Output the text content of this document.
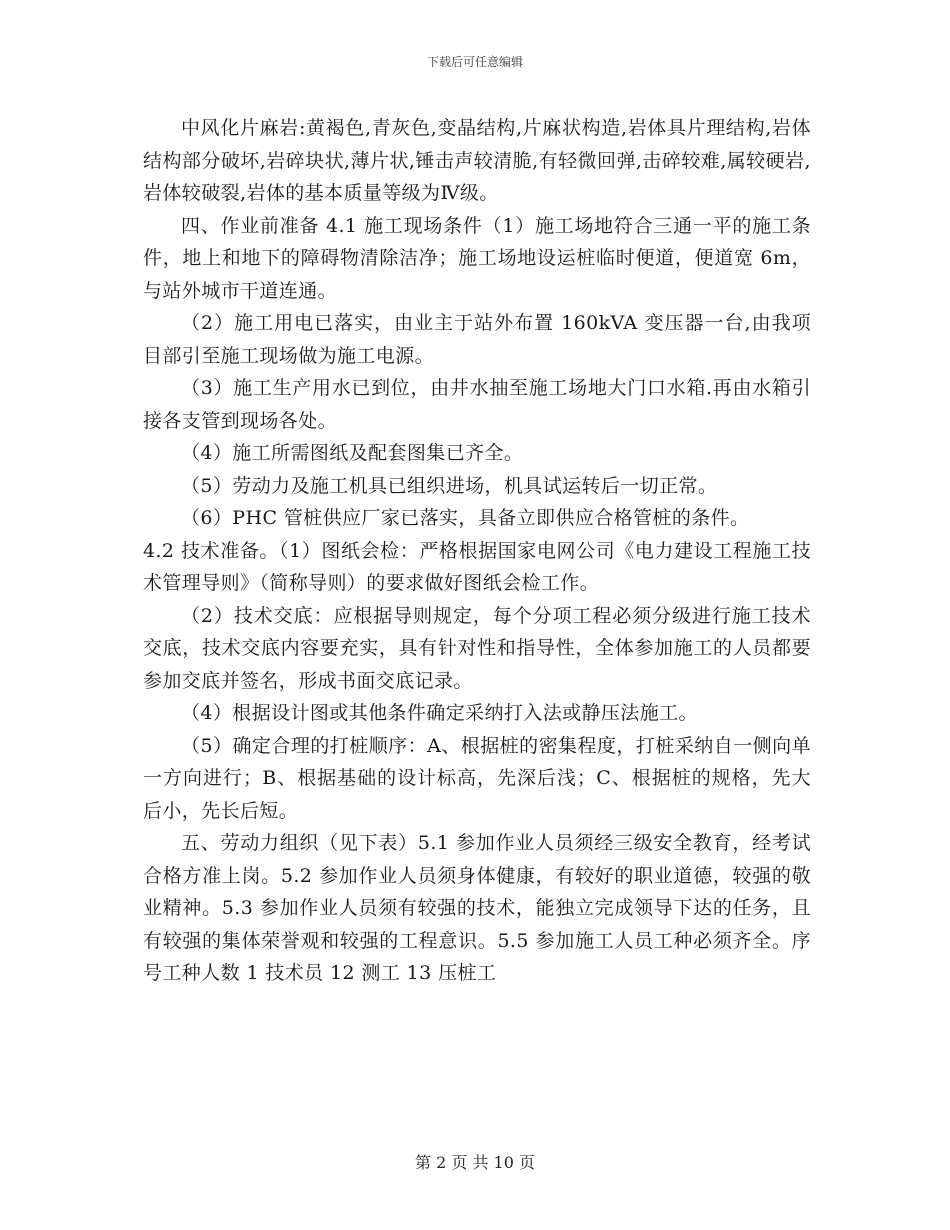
下载后可任意编辑

中风化片麻岩:黄褐色,青灰色,变晶结构,片麻状构造,岩体具片理结构,岩体结构部分破坏,岩碎块状,薄片状,锤击声较清脆,有轻微回弹,击碎较难,属较硬岩,岩体较破裂,岩体的基本质量等级为Ⅳ级。

四、作业前准备 4.1 施工现场条件（1）施工场地符合三通一平的施工条件，地上和地下的障碍物清除洁净；施工场地设运桩临时便道，便道宽 6m，与站外城市干道连通。

（2）施工用电已落实，由业主于站外布置 160kVA 变压器一台,由我项目部引至施工现场做为施工电源。

（3）施工生产用水已到位，由井水抽至施工场地大门口水箱.再由水箱引接各支管到现场各处。

（4）施工所需图纸及配套图集已齐全。

（5）劳动力及施工机具已组织进场，机具试运转后一切正常。

（6）PHC 管桩供应厂家已落实，具备立即供应合格管桩的条件。

4.2 技术准备。（1）图纸会检：严格根据国家电网公司《电力建设工程施工技术管理导则》（简称导则）的要求做好图纸会检工作。

（2）技术交底：应根据导则规定，每个分项工程必须分级进行施工技术交底，技术交底内容要充实，具有针对性和指导性，全体参加施工的人员都要参加交底并签名，形成书面交底记录。

（4）根据设计图或其他条件确定采纳打入法或静压法施工。

（5）确定合理的打桩顺序：A、根据桩的密集程度，打桩采纳自一侧向单一方向进行；B、根据基础的设计标高，先深后浅；C、根据桩的规格，先大后小，先长后短。

五、劳动力组织（见下表）5.1 参加作业人员须经三级安全教育，经考试合格方准上岗。5.2 参加作业人员须身体健康，有较好的职业道德，较强的敬业精神。5.3 参加作业人员须有较强的技术，能独立完成领导下达的任务，且有较强的集体荣誉观和较强的工程意识。5.5 参加施工人员工种必须齐全。序号工种人数 1 技术员 12 测工 13 压桩工

第 2 页 共 10 页
